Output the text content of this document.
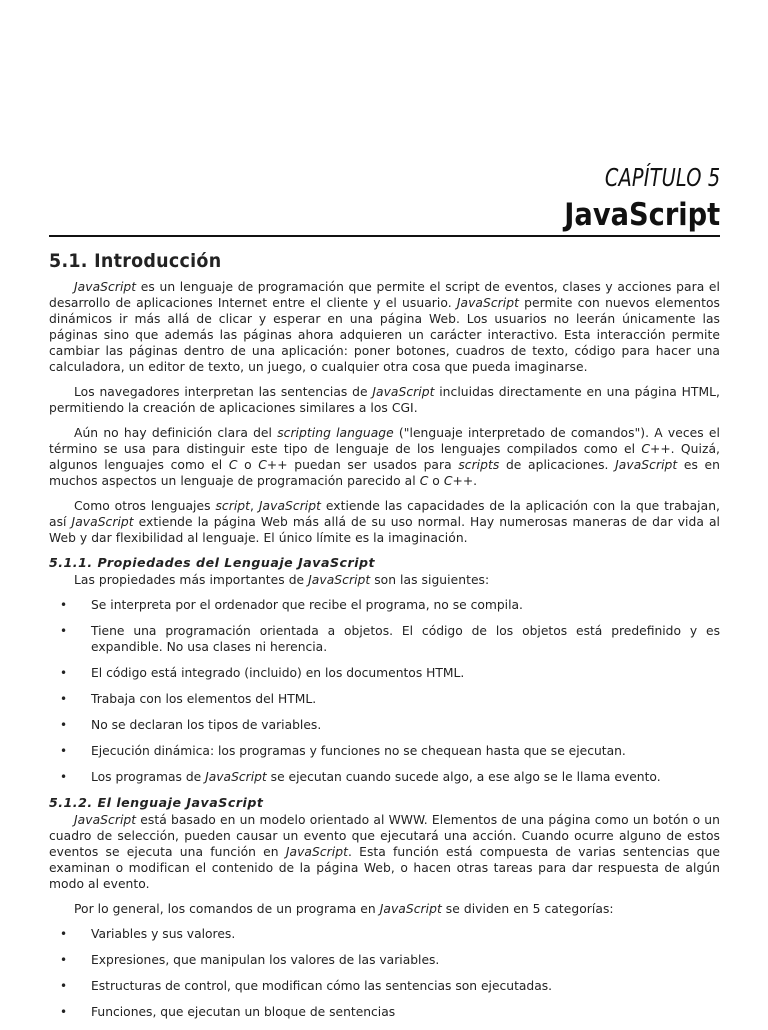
CAPÍTULO 5
JavaScript
5.1. Introducción

JavaScript es un lenguaje de programación que permite el script de eventos, clases y acciones para el desarrollo de aplicaciones Internet entre el cliente y el usuario. JavaScript permite con nuevos elementos dinámicos ir más allá de clicar y esperar en una página Web. Los usuarios no leerán únicamente las páginas sino que además las páginas ahora adquieren un carácter interactivo. Esta interacción permite cambiar las páginas dentro de una aplicación: poner botones, cuadros de texto, código para hacer una calculadora, un editor de texto, un juego, o cualquier otra cosa que pueda imaginarse.

Los navegadores interpretan las sentencias de JavaScript incluidas directamente en una página HTML, permitiendo la creación de aplicaciones similares a los CGI.

Aún no hay definición clara del scripting language ("lenguaje interpretado de comandos"). A veces el término se usa para distinguir este tipo de lenguaje de los lenguajes compilados como el C++. Quizá, algunos lenguajes como el C o C++ puedan ser usados para scripts de aplicaciones. JavaScript es en muchos aspectos un lenguaje de programación parecido al C o C++.

Como otros lenguajes script, JavaScript extiende las capacidades de la aplicación con la que trabajan, así JavaScript extiende la página Web más allá de su uso normal. Hay numerosas maneras de dar vida al Web y dar flexibilidad al lenguaje. El único límite es la imaginación.

5.1.1. Propiedades del Lenguaje JavaScript

Las propiedades más importantes de JavaScript son las siguientes:

• Se interpreta por el ordenador que recibe el programa, no se compila.
• Tiene una programación orientada a objetos. El código de los objetos está predefinido y es expandible. No usa clases ni herencia.
• El código está integrado (incluido) en los documentos HTML.
• Trabaja con los elementos del HTML.
• No se declaran los tipos de variables.
• Ejecución dinámica: los programas y funciones no se chequean hasta que se ejecutan.
• Los programas de JavaScript se ejecutan cuando sucede algo, a ese algo se le llama evento.
5.1.2. El lenguaje JavaScript

JavaScript está basado en un modelo orientado al WWW. Elementos de una página como un botón o un cuadro de selección, pueden causar un evento que ejecutará una acción. Cuando ocurre alguno de estos eventos se ejecuta una función en JavaScript. Esta función está compuesta de varias sentencias que examinan o modifican el contenido de la página Web, o hacen otras tareas para dar respuesta de algún modo al evento.

Por lo general, los comandos de un programa en JavaScript se dividen en 5 categorías:

• Variables y sus valores.
• Expresiones, que manipulan los valores de las variables.
• Estructuras de control, que modifican cómo las sentencias son ejecutadas.
• Funciones, que ejecutan un bloque de sentencias
